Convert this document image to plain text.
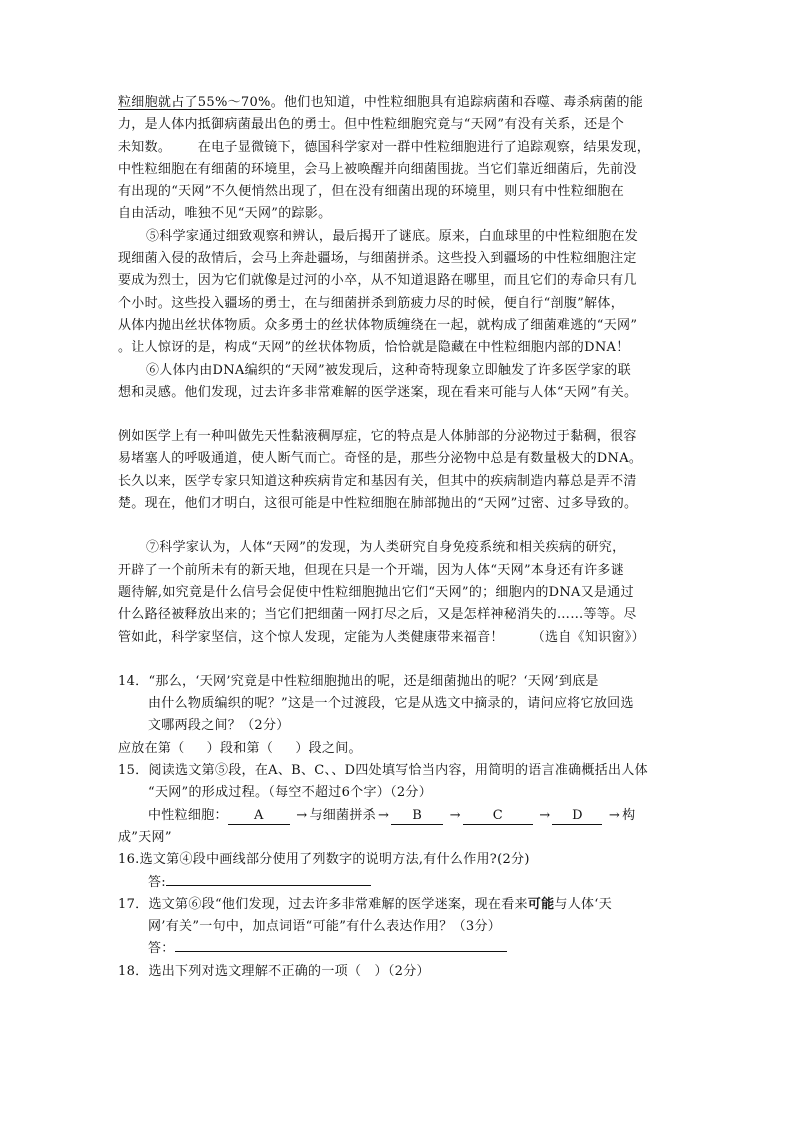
粒细胞就占了55%～70%。他们也知道，中性粒细胞具有追踪病菌和吞噬、毒杀病菌的能
力，是人体内抵御病菌最出色的勇士。但中性粒细胞究竟与“天网”有没有关系，还是个
未知数。      在电子显微镜下，德国科学家对一群中性粒细胞进行了追踪观察，结果发现，
中性粒细胞在有细菌的环境里，会马上被唤醒并向细菌围拢。当它们靠近细菌后，先前没
有出现的“天网”不久便悄然出现了，但在没有细菌出现的环境里，则只有中性粒细胞在
自由活动，唯独不见“天网”的踪影。
⑤科学家通过细致观察和辨认，最后揭开了谜底。原来，白血球里的中性粒细胞在发
现细菌入侵的敌情后，会马上奔赴疆场，与细菌拼杀。这些投入到疆场的中性粒细胞注定
要成为烈士，因为它们就像是过河的小卒，从不知道退路在哪里，而且它们的寿命只有几
个小时。这些投入疆场的勇士，在与细菌拼杀到筋疲力尽的时候，便自行“剖腹”解体，
从体内抛出丝状体物质。众多勇士的丝状体物质缠绕在一起，就构成了细菌难逃的“天网”
。让人惊讶的是，构成“天网”的丝状体物质，恰恰就是隐藏在中性粒细胞内部的DNA！
⑥人体内由DNA编织的“天网”被发现后，这种奇特现象立即触发了许多医学家的联
想和灵感。他们发现，过去许多非常难解的医学迷案，现在看来可能与人体“天网”有关。
例如医学上有一种叫做先天性黏液稠厚症，它的特点是人体肺部的分泌物过于黏稠，很容
易堵塞人的呼吸通道，使人断气而亡。奇怪的是，那些分泌物中总是有数量极大的DNA。
长久以来，医学专家只知道这种疾病肯定和基因有关，但其中的疾病制造内幕总是弄不清
楚。现在，他们才明白，这很可能是中性粒细胞在肺部抛出的“天网”过密、过多导致的。
⑦科学家认为，人体“天网”的发现，为人类研究自身免疫系统和相关疾病的研究，
开辟了一个前所未有的新天地，但现在只是一个开端，因为人体“天网”本身还有许多谜
题待解,如究竟是什么信号会促使中性粒细胞抛出它们“天网”的；细胞内的DNA又是通过
什么路径被释放出来的；当它们把细菌一网打尽之后，又是怎样神秘消失的……等等。尽
管如此，科学家坚信，这个惊人发现，定能为人类健康带来福音！ （选自《知识窗》）
14．“那么，‘天网’究竟是中性粒细胞抛出的呢，还是细菌抛出的呢？‘天网’到底是
由什么物质编织的呢？”这是一个过渡段，它是从选文中摘录的，请问应将它放回选
文哪两段之间？（2分）
应放在第（     ）段和第（     ）段之间。
15．阅读选文第⑤段，在A、B、C、、D四处填写恰当内容，用简明的语言准确概括出人体
“天网”的形成过程。（每空不超过6个字）（2分）
中性粒细胞： A	→ 与细菌拼杀 → B → C	→ D → 构
成”天网”
16.选文第④段中画线部分使用了列数字的说明方法,有什么作用?(2分)
答:
17．选文第⑥段“他们发现，过去许多非常难解的医学迷案，现在看来可能与人体‘天
网’有关”一句中，加点词语“可能”有什么表达作用？（3分）
答：
18．选出下列对选文理解不正确的一项（   ）（2分）
